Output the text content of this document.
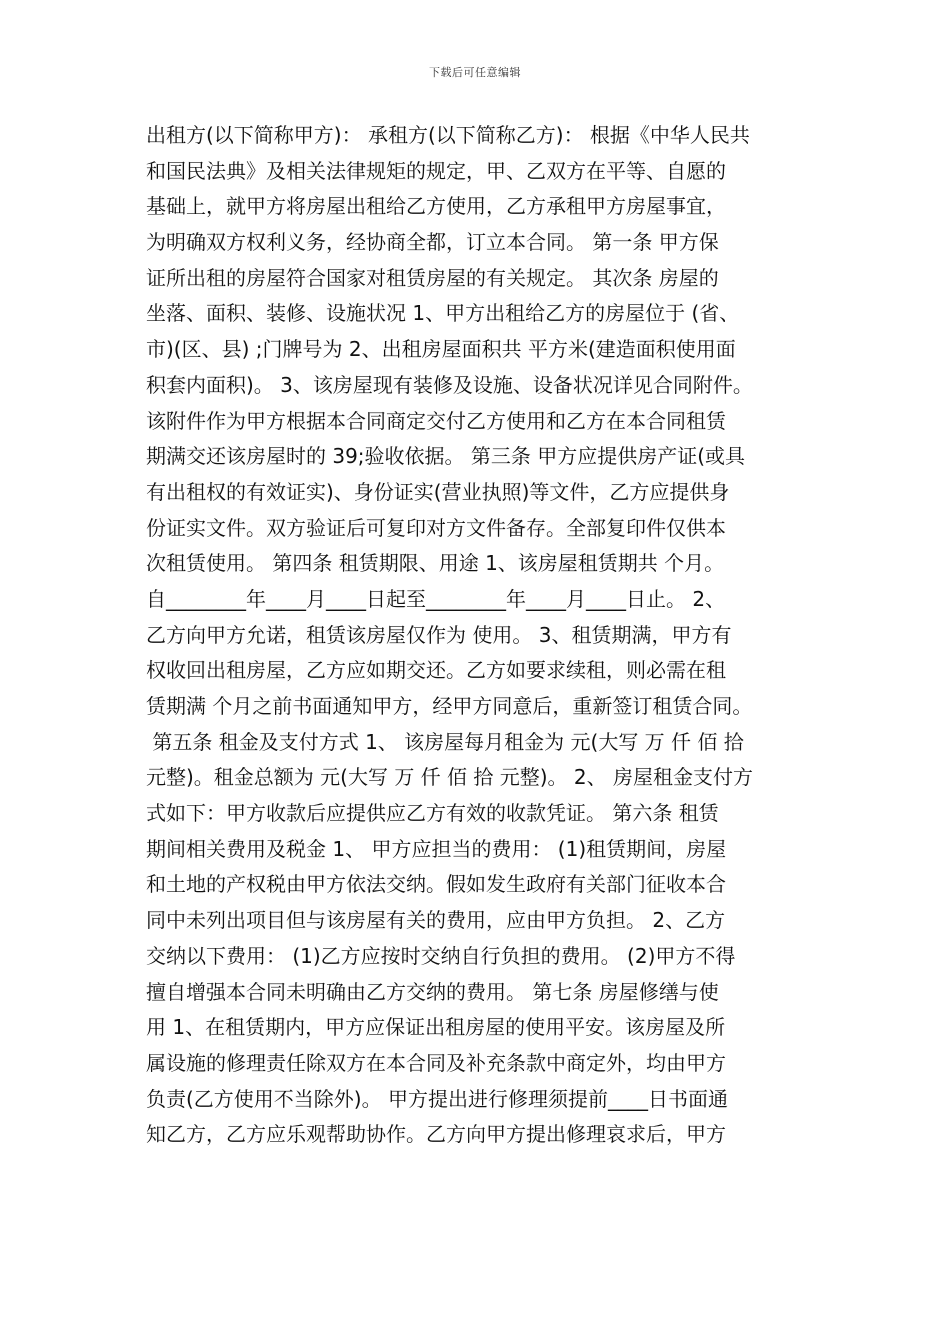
下载后可任意编辑
出租方(以下简称甲方)： 承租方(以下简称乙方)： 根据《中华人民共
和国民法典》及相关法律规矩的规定，甲、乙双方在平等、自愿的
基础上，就甲方将房屋出租给乙方使用，乙方承租甲方房屋事宜，
为明确双方权利义务，经协商全都，订立本合同。 第一条 甲方保
证所出租的房屋符合国家对租赁房屋的有关规定。 其次条 房屋的
坐落、面积、装修、设施状况 1、甲方出租给乙方的房屋位于 (省、
市)(区、县) ;门牌号为 2、出租房屋面积共 平方米(建造面积使用面
积套内面积)。 3、该房屋现有装修及设施、设备状况详见合同附件。
该附件作为甲方根据本合同商定交付乙方使用和乙方在本合同租赁
期满交还该房屋时的 39;验收依据。 第三条 甲方应提供房产证(或具
有出租权的有效证实)、身份证实(营业执照)等文件，乙方应提供身
份证实文件。双方验证后可复印对方文件备存。全部复印件仅供本
次租赁使用。 第四条 租赁期限、用途 1、该房屋租赁期共 个月。
自________年____月____日起至________年____月____日止。 2、
乙方向甲方允诺，租赁该房屋仅作为 使用。 3、租赁期满，甲方有
权收回出租房屋，乙方应如期交还。乙方如要求续租，则必需在租
赁期满 个月之前书面通知甲方，经甲方同意后，重新签订租赁合同。
第五条 租金及支付方式 1、 该房屋每月租金为 元(大写 万 仟 佰 拾
元整)。租金总额为 元(大写 万 仟 佰 拾 元整)。 2、 房屋租金支付方
式如下：甲方收款后应提供应乙方有效的收款凭证。 第六条 租赁
期间相关费用及税金 1、 甲方应担当的费用： (1)租赁期间，房屋
和土地的产权税由甲方依法交纳。假如发生政府有关部门征收本合
同中未列出项目但与该房屋有关的费用，应由甲方负担。 2、乙方
交纳以下费用： (1)乙方应按时交纳自行负担的费用。 (2)甲方不得
擅自增强本合同未明确由乙方交纳的费用。 第七条 房屋修缮与使
用 1、在租赁期内，甲方应保证出租房屋的使用平安。该房屋及所
属设施的修理责任除双方在本合同及补充条款中商定外，均由甲方
负责(乙方使用不当除外)。 甲方提出进行修理须提前____日书面通
知乙方，乙方应乐观帮助协作。乙方向甲方提出修理哀求后，甲方
